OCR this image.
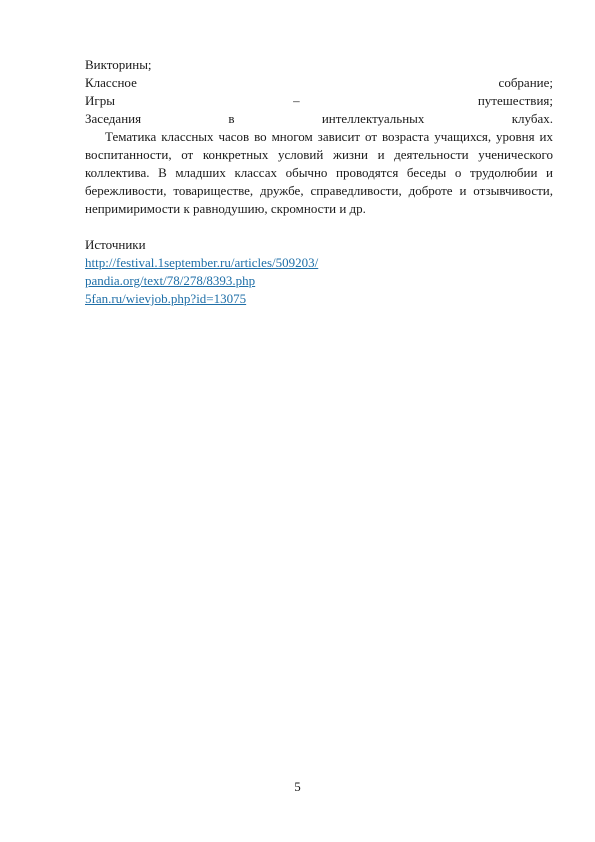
Викторины;
Классное	собрание;
Игры	–	путешествия;
Заседания	в	интеллектуальных	клубах.

Тематика классных часов во многом зависит от возраста учащихся, уровня их воспитанности, от конкретных условий жизни и деятельности ученического коллектива. В младших классах обычно проводятся беседы о трудолюбии и бережливости, товариществе, дружбе, справедливости, доброте и отзывчивости, непримиримости к равнодушию, скромности и др.

Источники
http://festival.1september.ru/articles/509203/
pandia.org/text/78/278/8393.php
5fan.ru/wievjob.php?id=13075
5
